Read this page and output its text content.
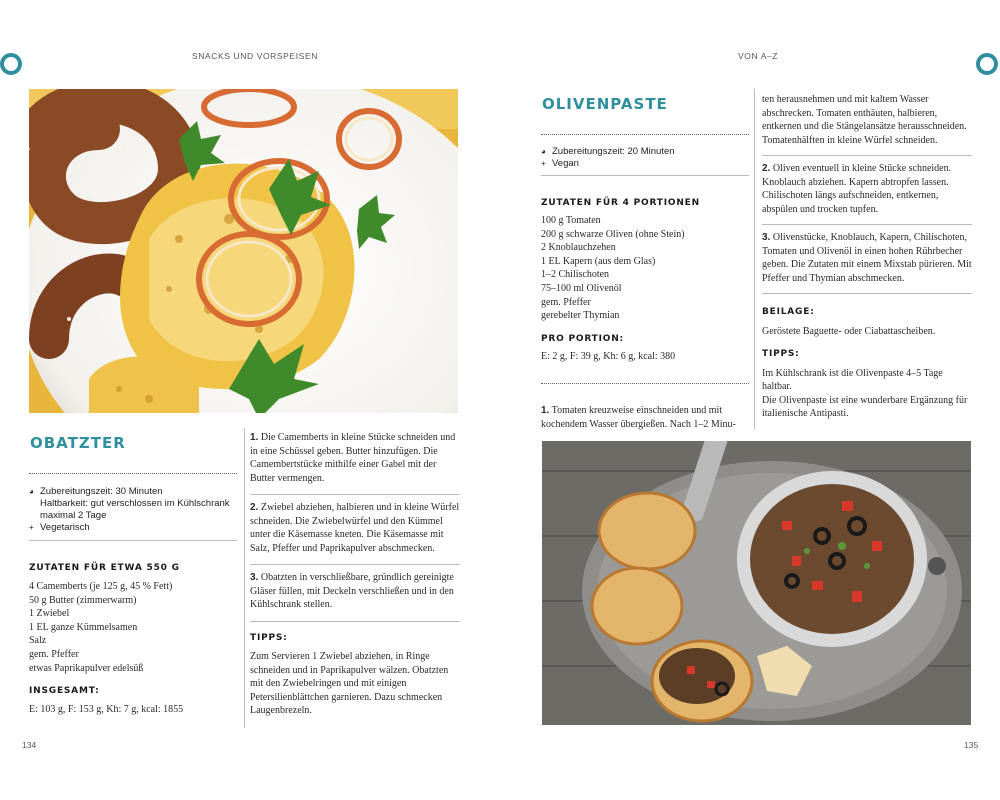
SNACKS UND VORSPEISEN	VON A–Z
OBATZTER
◕ Zubereitungszeit: 30 Minuten
Haltbarkeit: gut verschlossen im Kühlschrank maximal 2 Tage
+ Vegetarisch
ZUTATEN FÜR ETWA 550 G
4 Camemberts (je 125 g, 45 % Fett)
50 g Butter (zimmerwarm)
1 Zwiebel
1 EL ganze Kümmelsamen
Salz
gem. Pfeffer
etwas Paprikapulver edelsüß
INSGESAMT:
E: 103 g, F: 153 g, Kh: 7 g, kcal: 1855
1. Die Camemberts in kleine Stücke schneiden und in eine Schüssel geben. Butter hinzufügen. Die Camembertstücke mithilfe einer Gabel mit der Butter vermengen.
2. Zwiebel abziehen, halbieren und in kleine Würfel schneiden. Die Zwiebelwürfel und den Kümmel unter die Käsemasse kneten. Die Käsemasse mit Salz, Pfeffer und Paprikapulver abschmecken.
3. Obatzten in verschließbare, gründlich gereinigte Gläser füllen, mit Deckeln verschließen und in den Kühlschrank stellen.
TIPPS:
Zum Servieren 1 Zwiebel abziehen, in Ringe schneiden und in Paprikapulver wälzen. Obatzten mit den Zwiebelringen und mit einigen Petersilienblättchen garnieren. Dazu schmecken Laugenbrezeln.
134
OLIVENPASTE
◕ Zubereitungszeit: 20 Minuten
+ Vegan
ZUTATEN FÜR 4 PORTIONEN
100 g Tomaten
200 g schwarze Oliven (ohne Stein)
2 Knoblauchzehen
1 EL Kapern (aus dem Glas)
1–2 Chilischoten
75–100 ml Olivenöl
gem. Pfeffer
gerebelter Thymian
PRO PORTION:
E: 2 g, F: 39 g, Kh: 6 g, kcal: 380
1. Tomaten kreuzweise einschneiden und mit kochendem Wasser übergießen. Nach 1–2 Minu-
ten herausnehmen und mit kaltem Wasser abschrecken. Tomaten enthäuten, halbieren, entkernen und die Stängelansätze herausschneiden. Tomatenhälften in kleine Würfel schneiden.
2. Oliven eventuell in kleine Stücke schneiden. Knoblauch abziehen. Kapern abtropfen lassen. Chilischoten längs aufschneiden, entkernen, abspülen und trocken tupfen.
3. Olivenstücke, Knoblauch, Kapern, Chilischoten, Tomaten und Olivenöl in einen hohen Rührbecher geben. Die Zutaten mit einem Mixstab pürieren. Mit Pfeffer und Thymian abschmecken.
BEILAGE:
Geröstete Baguette- oder Ciabattascheiben.
TIPPS:
Im Kühlschrank ist die Olivenpaste 4–5 Tage haltbar.
Die Olivenpaste ist eine wunderbare Ergänzung für italienische Antipasti.
135
